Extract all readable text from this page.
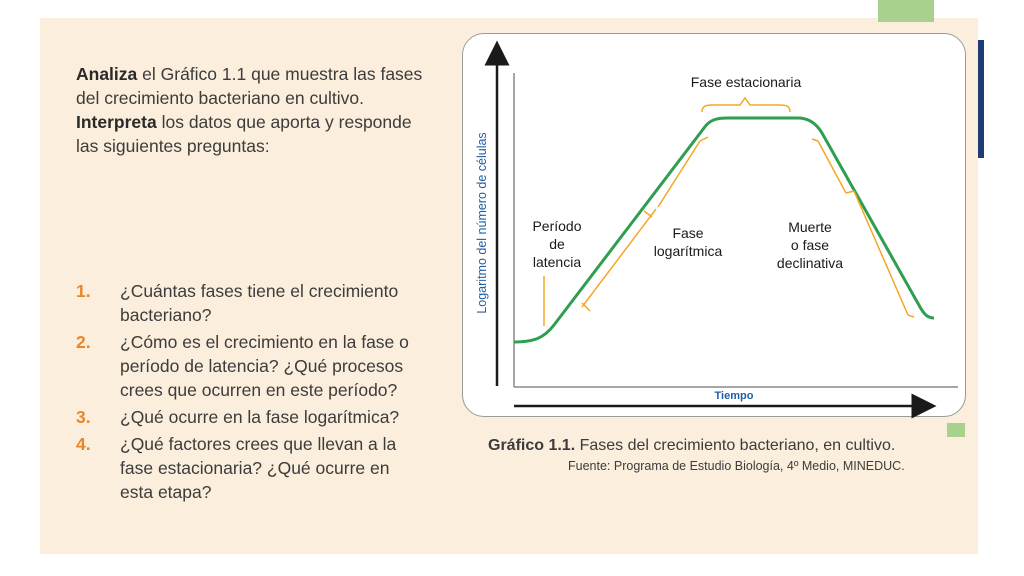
Analiza el Gráfico 1.1 que muestra las fases del crecimiento bacteriano en cultivo. Interpreta los datos que aporta y responde las siguientes preguntas:
1. ¿Cuántas fases tiene el crecimiento bacteriano?
2. ¿Cómo es el crecimiento en la fase o período de latencia? ¿Qué procesos crees que ocurren en este período?
3. ¿Qué ocurre en la fase logarítmica?
4. ¿Qué factores crees que llevan a la fase estacionaria? ¿Qué ocurre en esta etapa?
Logaritmo del número de células
Tiempo
Fase estacionaria
Período
de
latencia
Fase
logarítmica
Muerte
o fase
declinativa
Gráfico 1.1. Fases del crecimiento bacteriano, en cultivo.
Fuente: Programa de Estudio Biología, 4º Medio, MINEDUC.
